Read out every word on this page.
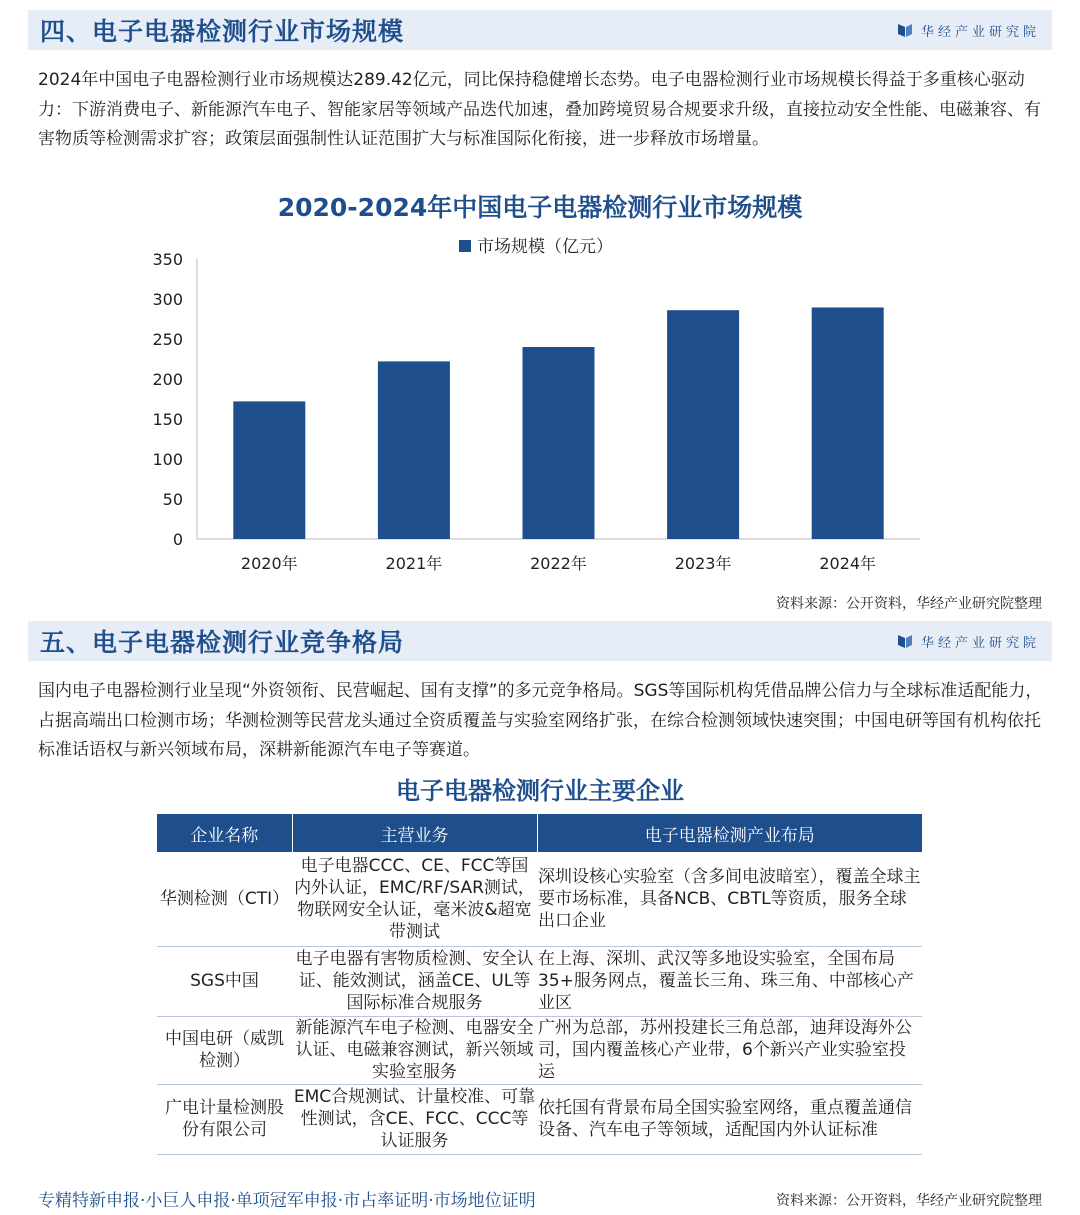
四、电子电器检测行业市场规模	华经产业研究院

2024年中国电子电器检测行业市场规模达289.42亿元，同比保持稳健增长态势。电子电器检测行业市场规模长得益于多重核心驱动力：下游消费电子、新能源汽车电子、智能家居等领域产品迭代加速，叠加跨境贸易合规要求升级，直接拉动安全性能、电磁兼容、有害物质等检测需求扩容；政策层面强制性认证范围扩大与标准国际化衔接，进一步释放市场增量。

2020-2024年中国电子电器检测行业市场规模
市场规模（亿元）
0
50
100
150
200
250
300
350
2020年	2021年	2022年	2023年	2024年
资料来源：公开资料，华经产业研究院整理
五、电子电器检测行业竞争格局	华经产业研究院

国内电子电器检测行业呈现“外资领衔、民营崛起、国有支撑”的多元竞争格局。SGS等国际机构凭借品牌公信力与全球标准适配能力，占据高端出口检测市场；华测检测等民营龙头通过全资质覆盖与实验室网络扩张，在综合检测领域快速突围；中国电研等国有机构依托标准话语权与新兴领域布局，深耕新能源汽车电子等赛道。

电子电器检测行业主要企业
企业名称	主营业务	电子电器检测产业布局
华测检测（CTI）	电子电器CCC、CE、FCC等国内外认证，EMC/RF/SAR测试，物联网安全认证，毫米波&超宽带测试	深圳设核心实验室（含多间电波暗室），覆盖全球主要市场标准，具备NCB、CBTL等资质，服务全球出口企业
SGS中国	电子电器有害物质检测、安全认证、能效测试，涵盖CE、UL等国际标准合规服务	在上海、深圳、武汉等多地设实验室，全国布局35+服务网点，覆盖长三角、珠三角、中部核心产业区
中国电研（威凯检测）	新能源汽车电子检测、电器安全认证、电磁兼容测试，新兴领域实验室服务	广州为总部，苏州投建长三角总部，迪拜设海外公司，国内覆盖核心产业带，6个新兴产业实验室投运
广电计量检测股份有限公司	EMC合规测试、计量校准、可靠性测试，含CE、FCC、CCC等认证服务	依托国有背景布局全国实验室网络，重点覆盖通信设备、汽车电子等领域，适配国内外认证标准
专精特新申报·小巨人申报·单项冠军申报·市占率证明·市场地位证明	资料来源：公开资料，华经产业研究院整理
